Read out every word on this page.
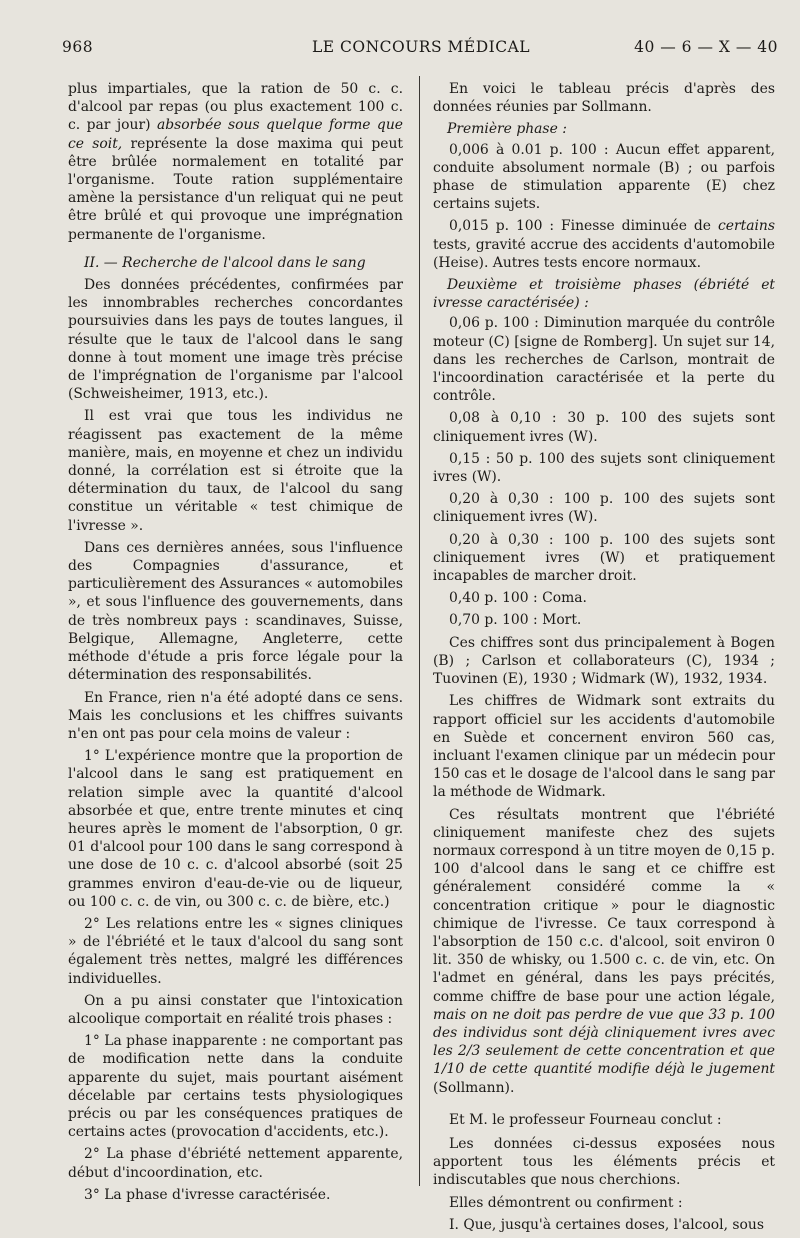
968	LE CONCOURS MÉDICAL	40 — 6 — X — 40

plus impartiales, que la ration de 50 c. c. d'alcool par repas (ou plus exactement 100 c. c. par jour) absorbée sous quelque forme que ce soit, représente la dose maxima qui peut être brûlée normalement en totalité par l'organisme. Toute ration supplémentaire amène la persistance d'un reliquat qui ne peut être brûlé et qui provoque une imprégnation permanente de l'organisme.

II. — Recherche de l'alcool dans le sang

Des données précédentes, confirmées par les innombrables recherches concordantes poursuivies dans les pays de toutes langues, il résulte que le taux de l'alcool dans le sang donne à tout moment une image très précise de l'imprégnation de l'organisme par l'alcool (Schweisheimer, 1913, etc.).

Il est vrai que tous les individus ne réagissent pas exactement de la même manière, mais, en moyenne et chez un individu donné, la corrélation est si étroite que la détermination du taux, de l'alcool du sang constitue un véritable « test chimique de l'ivresse ».

Dans ces dernières années, sous l'influence des Compagnies d'assurance, et particulièrement des Assurances « automobiles », et sous l'influence des gouvernements, dans de très nombreux pays : scandinaves, Suisse, Belgique, Allemagne, Angleterre, cette méthode d'étude a pris force légale pour la détermination des responsabilités.

En France, rien n'a été adopté dans ce sens. Mais les conclusions et les chiffres suivants n'en ont pas pour cela moins de valeur :

1° L'expérience montre que la proportion de l'alcool dans le sang est pratiquement en relation simple avec la quantité d'alcool absorbée et que, entre trente minutes et cinq heures après le moment de l'absorption, 0 gr. 01 d'alcool pour 100 dans le sang correspond à une dose de 10 c. c. d'alcool absorbé (soit 25 grammes environ d'eau-de-vie ou de liqueur, ou 100 c. c. de vin, ou 300 c. c. de bière, etc.)

2° Les relations entre les « signes cliniques » de l'ébriété et le taux d'alcool du sang sont également très nettes, malgré les différences individuelles.

On a pu ainsi constater que l'intoxication alcoolique comportait en réalité trois phases :

1° La phase inapparente : ne comportant pas de modification nette dans la conduite apparente du sujet, mais pourtant aisément décelable par certains tests physiologiques précis ou par les conséquences pratiques de certains actes (provocation d'accidents, etc.).

2° La phase d'ébriété nettement apparente, début d'incoordination, etc.

3° La phase d'ivresse caractérisée.

En voici le tableau précis d'après des données réunies par Sollmann.

Première phase :

0,006 à 0.01 p. 100 : Aucun effet apparent, conduite absolument normale (B) ; ou parfois phase de stimulation apparente (E) chez certains sujets.

0,015 p. 100 : Finesse diminuée de certains tests, gravité accrue des accidents d'automobile (Heise). Autres tests encore normaux.

Deuxième et troisième phases (ébriété et ivresse caractérisée) :

0,06 p. 100 : Diminution marquée du contrôle moteur (C) [signe de Romberg]. Un sujet sur 14, dans les recherches de Carlson, montrait de l'incoordination caractérisée et la perte du contrôle.

0,08 à 0,10 : 30 p. 100 des sujets sont cliniquement ivres (W).

0,15 : 50 p. 100 des sujets sont cliniquement ivres (W).

0,20 à 0,30 : 100 p. 100 des sujets sont cliniquement ivres (W).

0,20 à 0,30 : 100 p. 100 des sujets sont cliniquement ivres (W) et pratiquement incapables de marcher droit.

0,40 p. 100 : Coma.

0,70 p. 100 : Mort.

Ces chiffres sont dus principalement à Bogen (B) ; Carlson et collaborateurs (C), 1934 ; Tuovinen (E), 1930 ; Widmark (W), 1932, 1934.

Les chiffres de Widmark sont extraits du rapport officiel sur les accidents d'automobile en Suède et concernent environ 560 cas, incluant l'examen clinique par un médecin pour 150 cas et le dosage de l'alcool dans le sang par la méthode de Widmark.

Ces résultats montrent que l'ébriété cliniquement manifeste chez des sujets normaux correspond à un titre moyen de 0,15 p. 100 d'alcool dans le sang et ce chiffre est généralement considéré comme la « concentration critique » pour le diagnostic chimique de l'ivresse. Ce taux correspond à l'absorption de 150 c.c. d'alcool, soit environ 0 lit. 350 de whisky, ou 1.500 c. c. de vin, etc. On l'admet en général, dans les pays précités, comme chiffre de base pour une action légale, mais on ne doit pas perdre de vue que 33 p. 100 des individus sont déjà cliniquement ivres avec les 2/3 seulement de cette concentration et que 1/10 de cette quantité modifie déjà le jugement (Sollmann).

Et M. le professeur Fourneau conclut :

Les données ci-dessus exposées nous apportent tous les éléments précis et indiscutables que nous cherchions.

Elles démontrent ou confirment :

I. Que, jusqu'à certaines doses, l'alcool, sous
